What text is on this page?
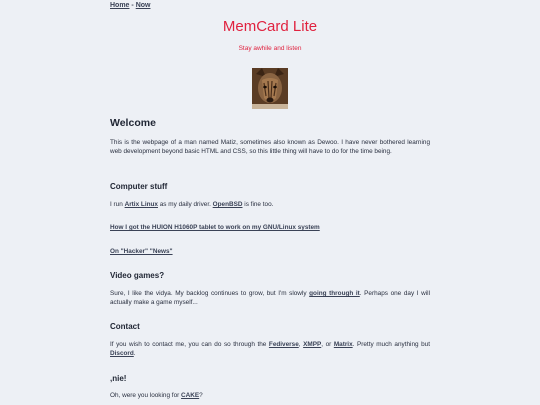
Home - Now
MemCard Lite
Stay awhile and listen
Welcome

This is the webpage of a man named Matiz, sometimes also known as Dewoo. I have never bothered learning web development beyond basic HTML and CSS, so this little thing will have to do for the time being.

Computer stuff

I run Artix Linux as my daily driver. OpenBSD is fine too.

How I got the HUION H1060P tablet to work on my GNU/Linux system

On "Hacker" "News"

Video games?

Sure, I like the vidya. My backlog continues to grow, but I'm slowly going through it. Perhaps one day I will actually make a game myself...

Contact

If you wish to contact me, you can do so through the Fediverse, XMPP, or Matrix. Pretty much anything but Discord.

,nie!

Oh, were you looking for CAKE?
